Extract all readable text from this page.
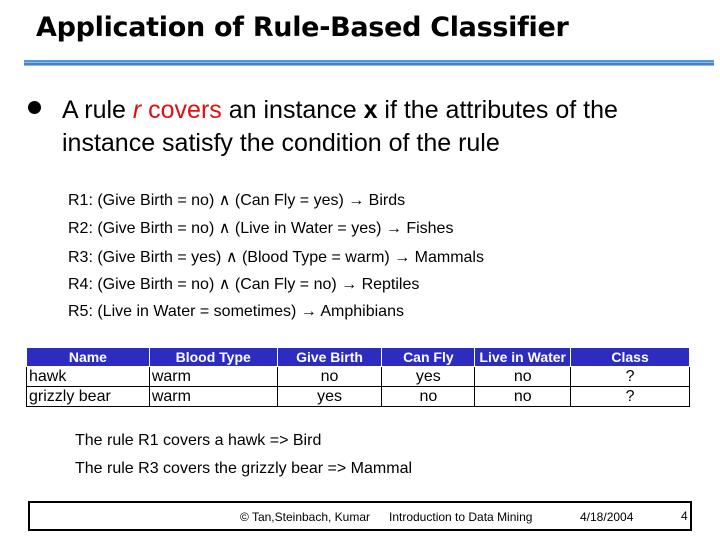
Application of Rule-Based Classifier
A rule r covers an instance x if the attributes of the instance satisfy the condition of the rule
R1: (Give Birth = no) ∧ (Can Fly = yes) → Birds
R2: (Give Birth = no) ∧ (Live in Water = yes) → Fishes
R3: (Give Birth = yes) ∧ (Blood Type = warm) → Mammals
R4: (Give Birth = no) ∧ (Can Fly = no) → Reptiles
R5: (Live in Water = sometimes) → Amphibians
Name	Blood Type	Give Birth	Can Fly	Live in Water	Class
hawk	warm	no	yes	no	?
grizzly bear	warm	yes	no	no	?
The rule R1 covers a hawk => Bird
The rule R3 covers the grizzly bear => Mammal
© Tan,Steinbach, Kumar Introduction to Data Mining	4/18/2004	4
